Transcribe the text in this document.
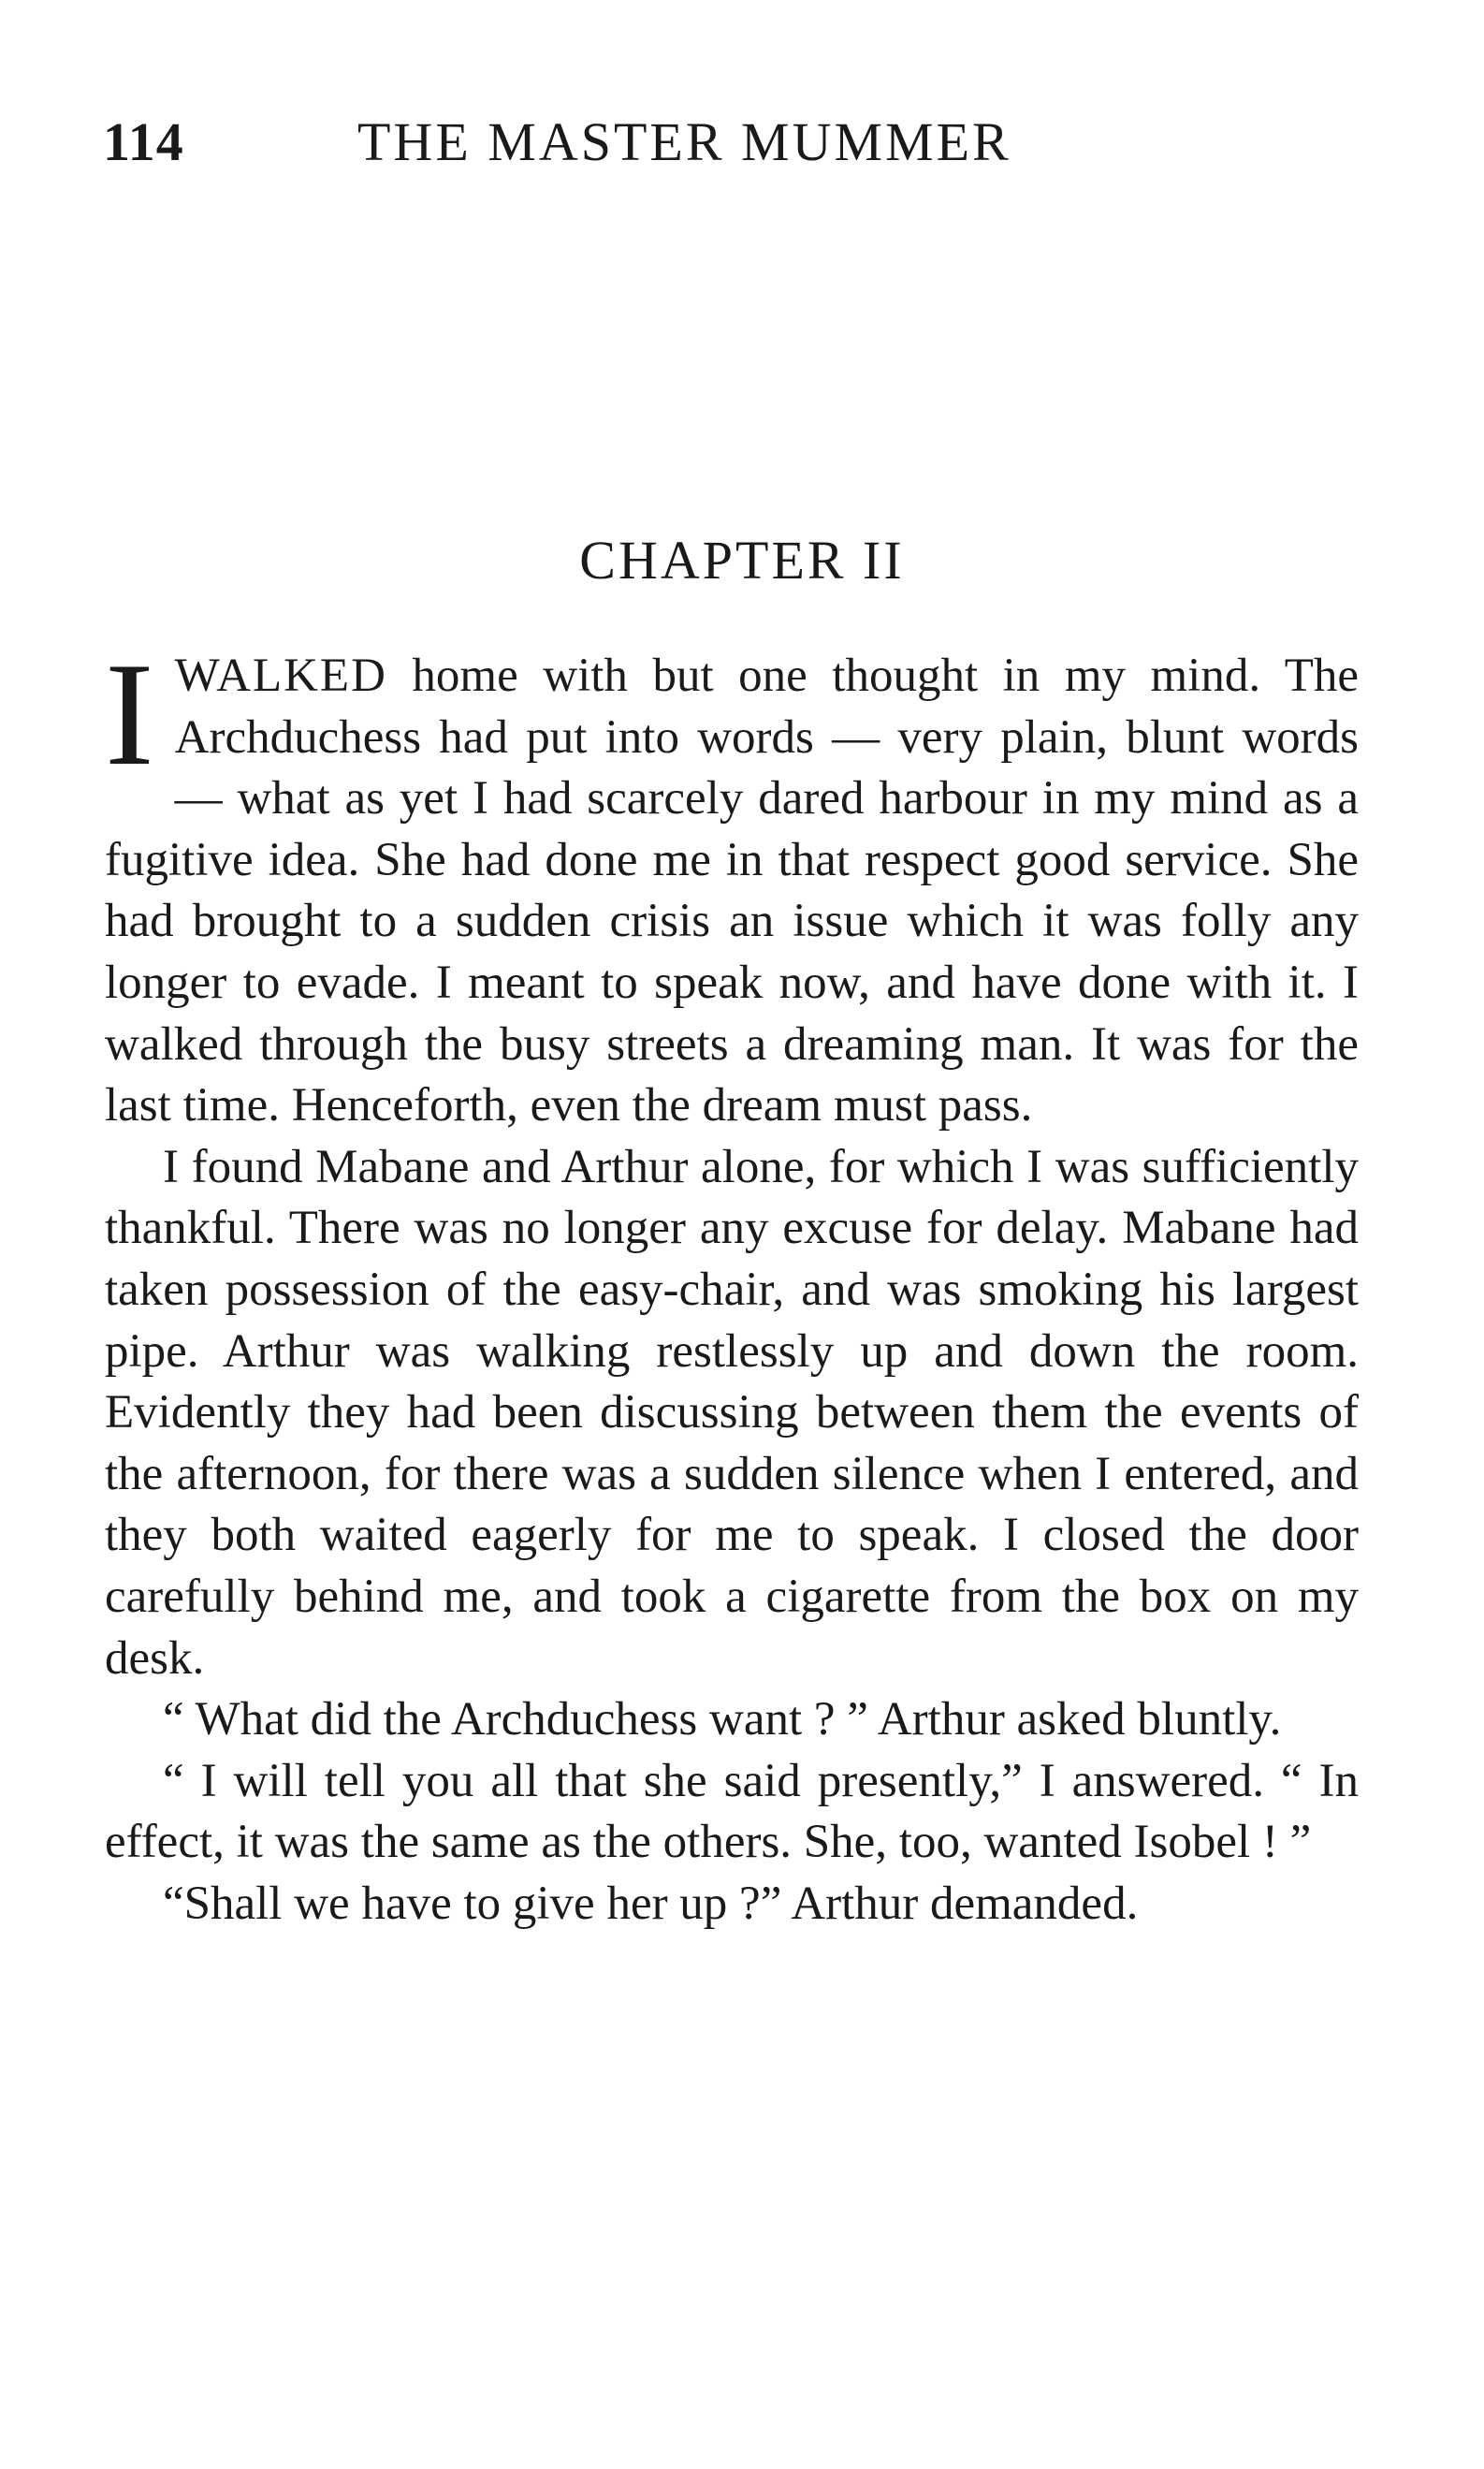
114	THE MASTER MUMMER
CHAPTER II

IWALKED home with but one thought in my mind. The Archduchess had put into words — very plain, blunt words — what as yet I had scarcely dared harbour in my mind as a fugitive idea. She had done me in that respect good service. She had brought to a sudden crisis an issue which it was folly any longer to evade. I meant to speak now, and have done with it. I walked through the busy streets a dreaming man. It was for the last time. Henceforth, even the dream must pass.

I found Mabane and Arthur alone, for which I was sufficiently thankful. There was no longer any excuse for delay. Mabane had taken possession of the easy-chair, and was smoking his largest pipe. Arthur was walking restlessly up and down the room. Evidently they had been discussing between them the events of the afternoon, for there was a sudden silence when I entered, and they both waited eagerly for me to speak. I closed the door carefully behind me, and took a cigarette from the box on my desk.

“ What did the Archduchess want ? ” Arthur asked bluntly.

“ I will tell you all that she said presently,” I answered. “ In effect, it was the same as the others. She, too, wanted Isobel ! ”

“Shall we have to give her up ?” Arthur demanded.
